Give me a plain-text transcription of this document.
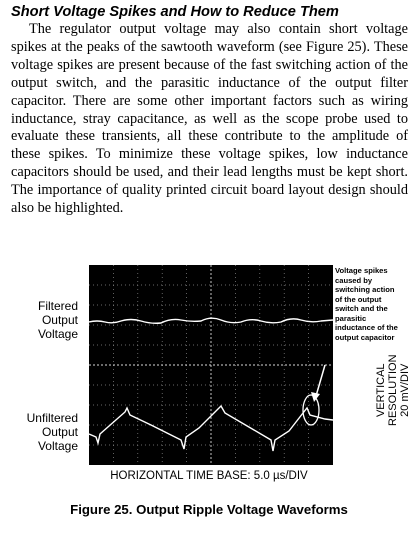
Short Voltage Spikes and How to Reduce Them

The regulator output voltage may also contain short voltage spikes at the peaks of the sawtooth waveform (see Figure 25). These voltage spikes are present because of the fast switching action of the output switch, and the parasitic inductance of the output filter capacitor. There are some other important factors such as wiring inductance, stray capacitance, as well as the scope probe used to evaluate these transients, all these contribute to the amplitude of these spikes. To minimize these voltage spikes, low inductance capacitors should be used, and their lead lengths must be kept short. The importance of quality printed circuit board layout design should also be highlighted.

Filtered
Output
Voltage
Unfiltered
Output
Voltage
Voltage spikes
caused by
switching action
of the output
switch and the
parasitic
inductance of the
output capacitor
VERTICAL RESOLUTION 20 mV/DIV
HORIZONTAL TIME BASE: 5.0 µs/DIV
Figure 25. Output Ripple Voltage Waveforms
